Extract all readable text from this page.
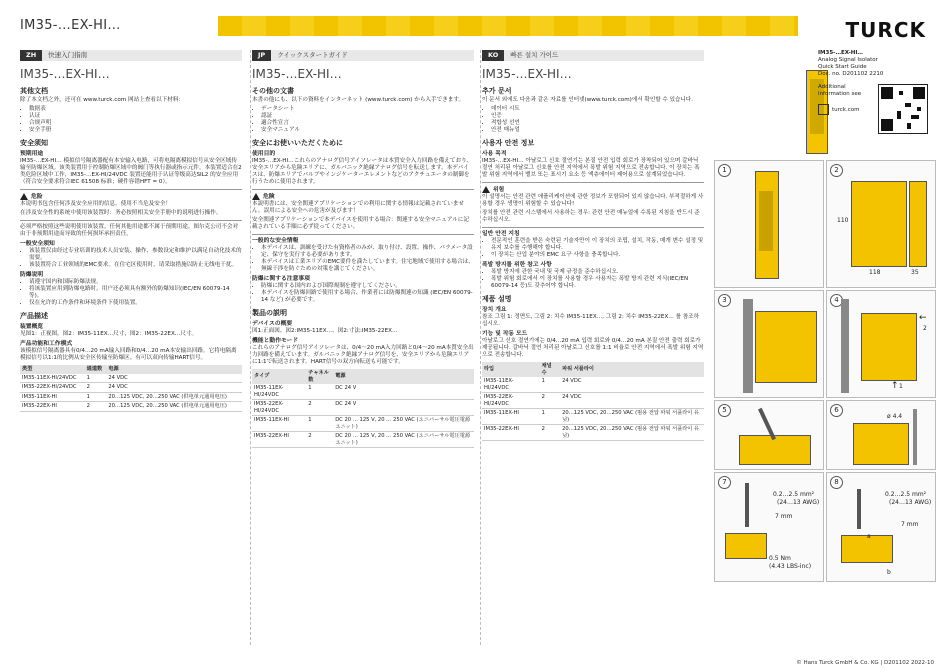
IM35-…EX-HI…	TURCK
ZH	快速入门指南
IM35-…EX-HI…
其他文档

除了本文档之外，还可在 www.turck.com 网站上查看以下材料：

• 数据表
• 认证
• 合规声明
• 安全手册
安全须知
预期用途

IM35-…EX-HI… 模拟信号隔离器配有本安输入电路，可将电隔离模拟信号从安全区域传输至防爆区域。该类装置用于控制防爆区域中的阀门等执行器或指示元件。本装置适合在2类危险区域中工作，IM35-…EX-HI/24VDC 装置还能用于认证等级高达SIL2 的安全应用（符合安全要求符合IEC 61508 标准；硬件容错HFT = 0）。

危险

本说明书包含任何涉及安全应用的信息。使用不当危及安全！

在涉及安全性的系统中使用该装置时：务必按照相关安全手册中的说明进行操作。

必须严格按照这些说明使用该装置。任何其他用途都不属于预期用途。图尔克公司不会对由于非预期用途而导致的任何损坏承担责任。

一般安全须知
• 该装置仅由经过专业培训的技术人员安装、操作、参数设定和维护以满足自动化技术的需要。
• 该装置符合工业领域的EMC要求。在住宅区使用时，请采取措施以防止无线电干扰。
防爆说明
• 请遵守国内和国际防爆法规。
• 将该装置应用到防爆电路时，用户还必须具有额外的防爆知识(IEC/EN 60079-14等)。
• 仅在允许的工作条件和环境条件下使用装置。
产品描述
装置概览

见图1：正视图，图2：IM35-11EX…尺寸，图2：IM35-22EX…尺寸。

产品功能和工作模式

该模拟信号隔离器具有0/4…20 mA输入回路和0/4…20 mA本安输出回路。它将电隔离模拟信号以1:1的比例从安全区传输至防爆区。有可以双向传输HART信号。

类型	通道数	电源
IM35-11EX-HI/24VDC	1	24 VDC
IM35-22EX-HI/24VDC	2	24 VDC
IM35-11EX-HI	1	20…125 VDC, 20…250 VAC (供电单元通用电压)
IM35-22EX-HI	2	20…125 VDC, 20…250 VAC (供电单元通用电压)
JP	クイックスタートガイド
IM35-…EX-HI…
その他の文書

本書の他にも、以下の資料をインターネット (www.turck.com) から入手できます。

• データシート
• 認証
• 適合性宣言
• 安全マニュアル
安全にお使いいただくために
使用目的

IM35-…EX-HI…これらのアナログ信号アイソレータは本質安全入力回路を備えており、安全エリアから危険エリアに、ガルバニック絶縁アナログ信号を転送します。本デバイスは、防爆エリアでバルブやインジケーターエレメントなどのアクチュエータの制御を行うために使用されます。

危険

本説明書には、安全関連アプリケーションでの利用に関する情報は記載されていません。誤用による安全への危害が及びます！

安全関連アプリケーションで本デバイスを使用する場合：関連する安全マニュアルに記載されている手順に必ず従ってください。

一般的な安全情報
• 本デバイスは、訓練を受けた有資格者のみが、取り付け、設置、操作、パラメータ設定、保守を実行する必要があります。
• 本デバイスは工業エリアのEMC要件を満たしています。住宅地域で使用する場合は、無線干渉を防ぐための対策を講じてください。
防爆に関する注意事項
• 防爆に関する国内および国際規制を遵守してください。
• 本デバイスを防爆回路で使用する場合、作業者には防爆関連の知識 (IEC/EN 60079-14 など) が必要です。
製品の説明
デバイスの概要

図1:正面図、図2:IM35-11EX…、図2:寸法:IM35-22EX…

機能と動作モード

これらのアナログ信号アイソレータは、0/4～20 mA入力回路と0/4～20 mA本質安全出力回路を備えています。ガルバニック絶縁アナログ信号を、安全エリアから危険エリアに1:1で転送されます。HART信号の双方向転送も可能です。

タイプ	チャネル数	電源
IM35-11EX-HI/24VDC	1	DC 24 V
IM35-22EX-HI/24VDC	2	DC 24 V
IM35-11EX-HI	1	DC 20 … 125 V, 20 … 250 VAC (ユニバーサル電圧電源ユニット)
IM35-22EX-HI	2	DC 20 … 125 V, 20 … 250 VAC (ユニバーサル電圧電源ユニット)
KO	빠른 설치 가이드
IM35-…EX-HI…
추가 문서

이 문서 외에도 다음과 같은 자료를 인터넷(www.turck.com)에서 확인할 수 있습니다.

• 데이터 시트
• 인증
• 적합성 선언
• 안전 매뉴얼
사용자 안전 정보
사용 목적

IM35-…EX-HI… 아날로그 신호 절연기는 본질 안전 입력 회로가 장착되어 있으며 갈바닉 절연 처리된 아날로그 신호를 안전 지역에서 폭발 위험 지역으로 전송합니다. 이 장치는 폭발 위험 지역에서 밸브 또는 표시기 요소 등 액츄에이터 제어용으로 설계되었습니다.

위험

이 설명서는 안전 관련 애플리케이션에 관한 정보가 포함되어 있지 않습니다. 부적절하게 사용할 경우 생명이 위험할 수 있습니다!

장치를 안전 관련 시스템에서 사용하는 경우: 관련 안전 매뉴얼에 수록된 지침을 반드시 준수하십시오.

일반 안전 지침
• 전문적인 훈련을 받은 숙련된 기술자만이 이 장치의 조립, 설치, 작동, 매개 변수 설정 및 유지 보수를 수행해야 합니다.
• 이 장치는 산업 분야의 EMC 요구 사항을 충족합니다.
폭발 방지를 위한 참고 사항
• 폭발 방지에 관한 국내 및 국제 규정을 준수하십시오.
• 폭발 위험 회로에서 이 장치를 사용할 경우 사용자는 폭발 방지 관련 지식(IEC/EN 60079-14 등)도 갖추어야 합니다.
제품 설명
장치 개요

참조 그림 1: 정면도, 그림 2: 치수 IM35-11EX…, 그림 2: 치수 IM35-22EX… 를 참조하십시오.

기능 및 작동 모드

아날로그 신호 절연기에는 0/4…20 mA 입력 회로와 0/4…20 mA 본질 안전 출력 회로가 제공됩니다. 갈바닉 절연 처리된 아날로그 신호를 1:1 비율로 안전 지역에서 폭발 위험 지역으로 전송합니다.

타입	채널 수	파워 서플라이
IM35-11EX-HI/24VDC	1	24 VDC
IM35-22EX-HI/24VDC	2	24 VDC
IM35-11EX-HI	1	20…125 VDC, 20…250 VAC (범용 전압 파워 서플라이 유닛)
IM35-22EX-HI	2	20…125 VDC, 20…250 VAC (범용 전압 파워 서플라이 유닛)
IM35-…EX-HI…
Analog Signal Isolator
Quick Start Guide
Doc. no. D201102 2210
Additional information see
turck.com
1	2
110
118	35
3	4
←
2
↑ 1
5	6
ø 4.4
7
0.2…2.5 mm²
(24…13 AWG)
7 mm
0.5 Nm
(4.43 LBS-inc)
8
0.2…2.5 mm²
(24…13 AWG)
7 mm
a
b
© Hans Turck GmbH & Co. KG | D201102 2022-10
